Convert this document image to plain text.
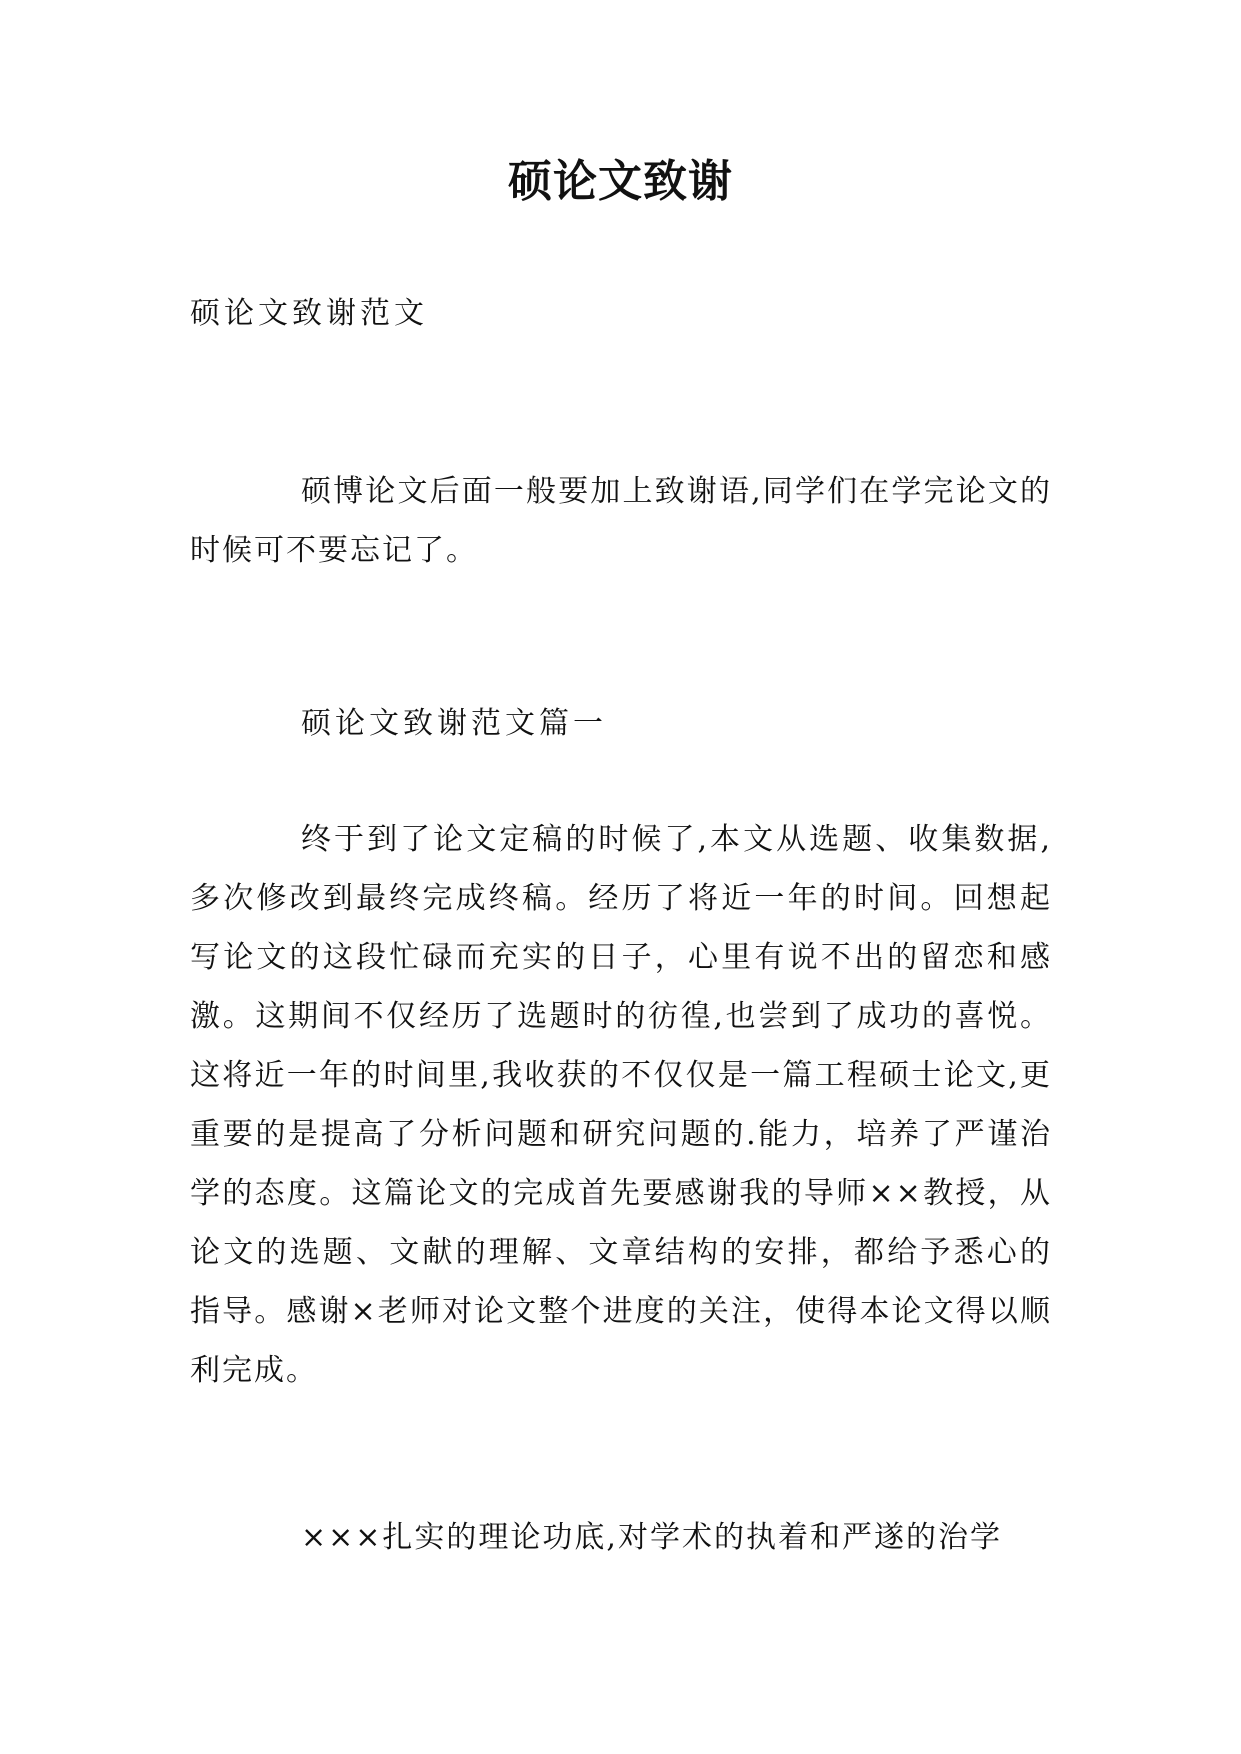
硕论文致谢

硕论文致谢范文

硕博论文后面一般要加上致谢语,同学们在学完论文的时候可不要忘记了。

硕论文致谢范文篇一

终于到了论文定稿的时候了,本文从选题、收集数据,多次修改到最终完成终稿。经历了将近一年的时间。回想起写论文的这段忙碌而充实的日子，心里有说不出的留恋和感激。这期间不仅经历了选题时的彷徨,也尝到了成功的喜悦。这将近一年的时间里,我收获的不仅仅是一篇工程硕士论文,更重要的是提高了分析问题和研究问题的.能力，培养了严谨治学的态度。这篇论文的完成首先要感谢我的导师××教授，从论文的选题、文献的理解、文章结构的安排，都给予悉心的指导。感谢×老师对论文整个进度的关注，使得本论文得以顺利完成。

×××扎实的理论功底,对学术的执着和严遂的治学
